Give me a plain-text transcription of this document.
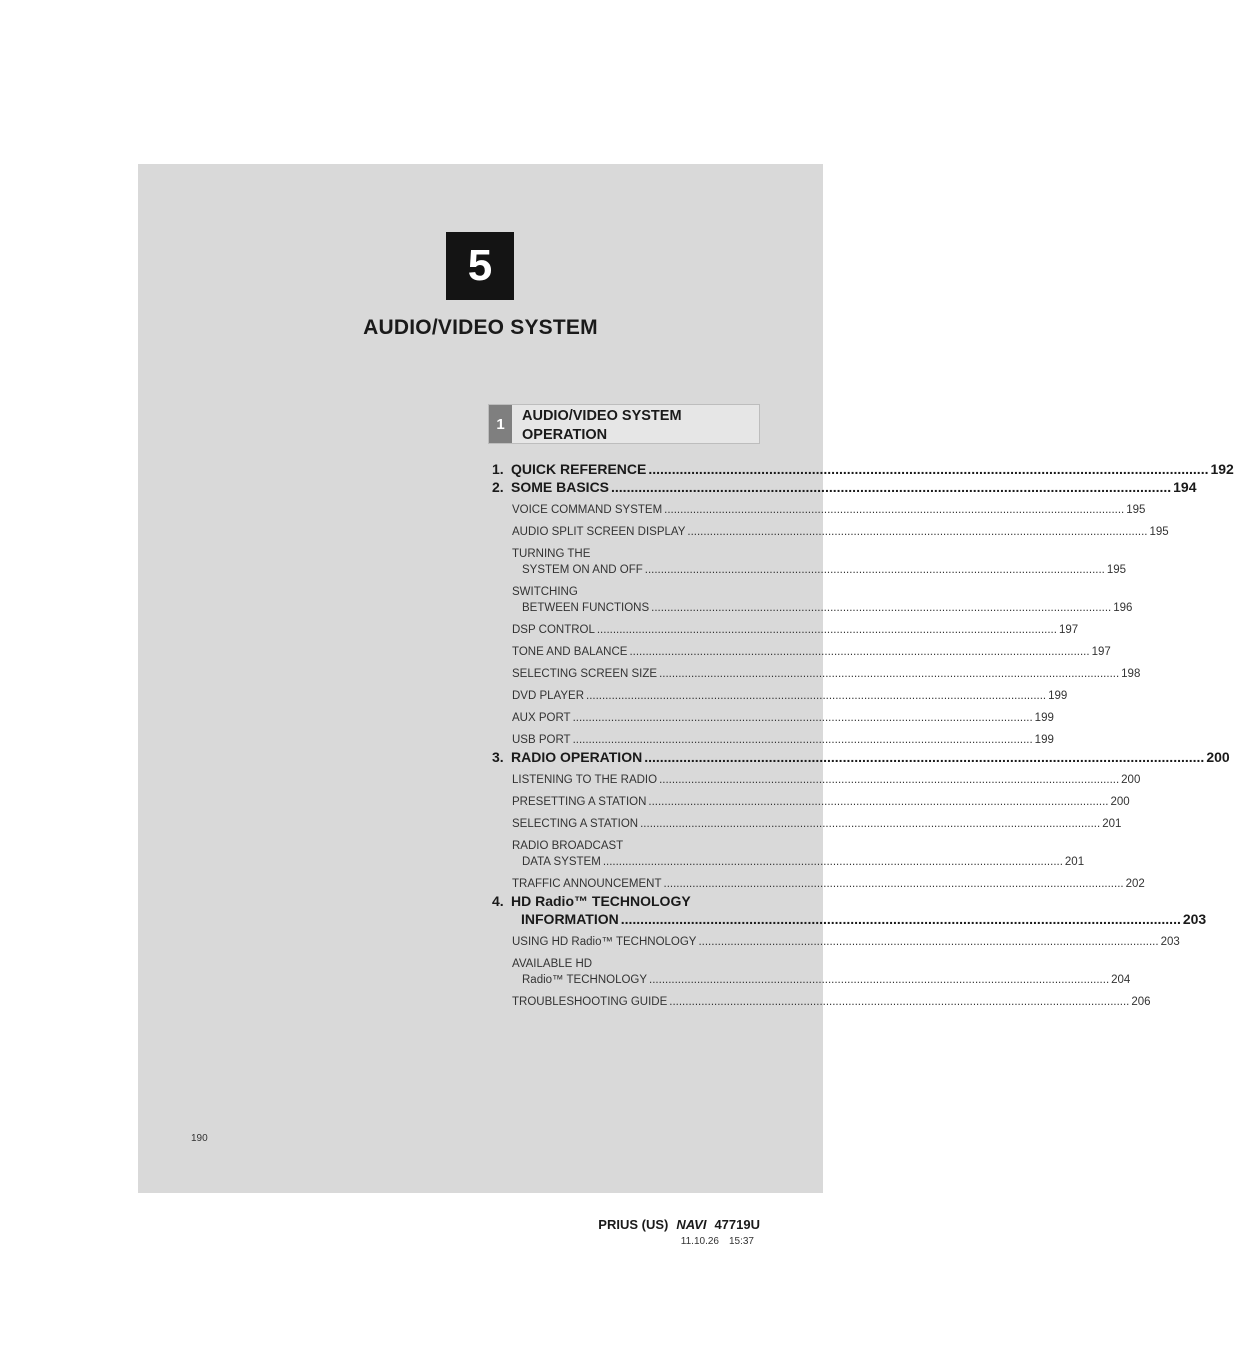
5
AUDIO/VIDEO SYSTEM
1	AUDIO/VIDEO SYSTEM OPERATION
1. QUICK REFERENCE .....	192
2. SOME BASICS .....	194
VOICE COMMAND SYSTEM .....	195
AUDIO SPLIT SCREEN DISPLAY .....	195
TURNING THE
SYSTEM ON AND OFF .....	195
SWITCHING
BETWEEN FUNCTIONS .....	196
DSP CONTROL .....	197
TONE AND BALANCE .....	197
SELECTING SCREEN SIZE .....	198
DVD PLAYER .....	199
AUX PORT .....	199
USB PORT .....	199
3. RADIO OPERATION .....	200
LISTENING TO THE RADIO .....	200
PRESETTING A STATION .....	200
SELECTING A STATION .....	201
RADIO BROADCAST
DATA SYSTEM .....	201
TRAFFIC ANNOUNCEMENT .....	202
4. HD Radio™ TECHNOLOGY
INFORMATION .....	203
USING HD Radio™ TECHNOLOGY .....	203
AVAILABLE HD
Radio™ TECHNOLOGY .....	204
TROUBLESHOOTING GUIDE .....	206
190
PRIUS (US) NAVI 47719U
11.10.26 15:37
